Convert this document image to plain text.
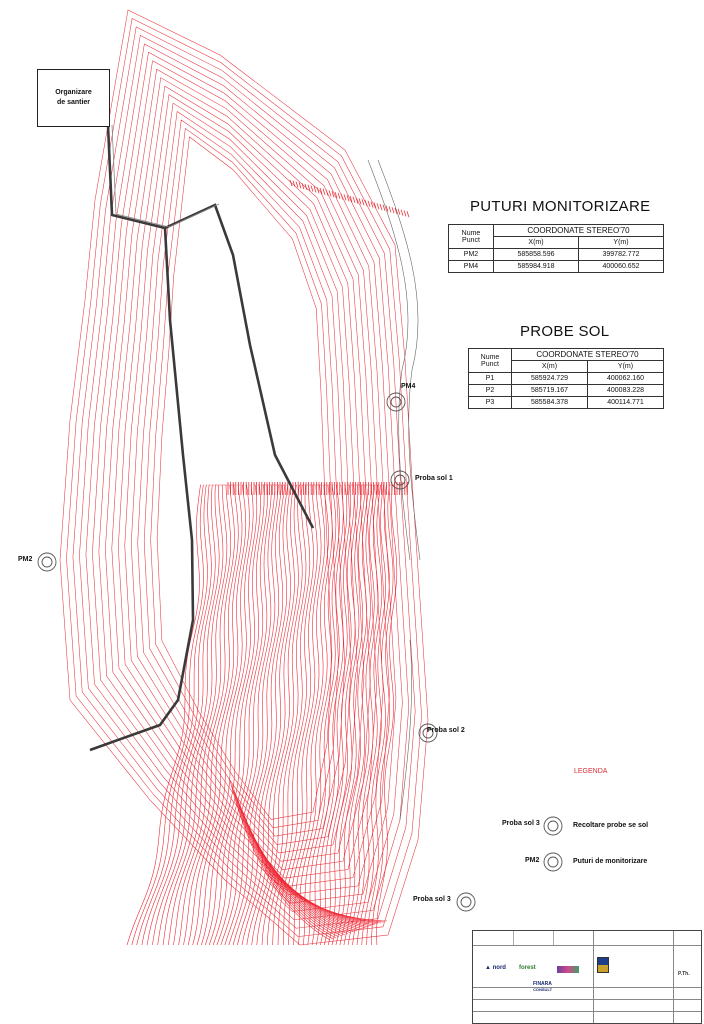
Organizare
de santier
PUTURI MONITORIZARE
Nume Punct	COORDONATE STEREO'70	
	X(m)	Y(m)
PM2	585858.596	399782.772
PM4	585984.918	400060.652
PROBE SOL
Nume Punct	COORDONATE STEREO'70	
	X(m)	Y(m)
P1	585924.729	400062.160
P2	585719.167	400083.228
P3	585584.378	400114.771
PM4
PM2
Proba sol 1
Proba sol 2
Proba sol 3
LEGENDA
Proba sol 3	Recoltare probe se sol
PM2	Puturi de monitorizare
▲ nord forest
FINARA
CONSULT
P.Th.
